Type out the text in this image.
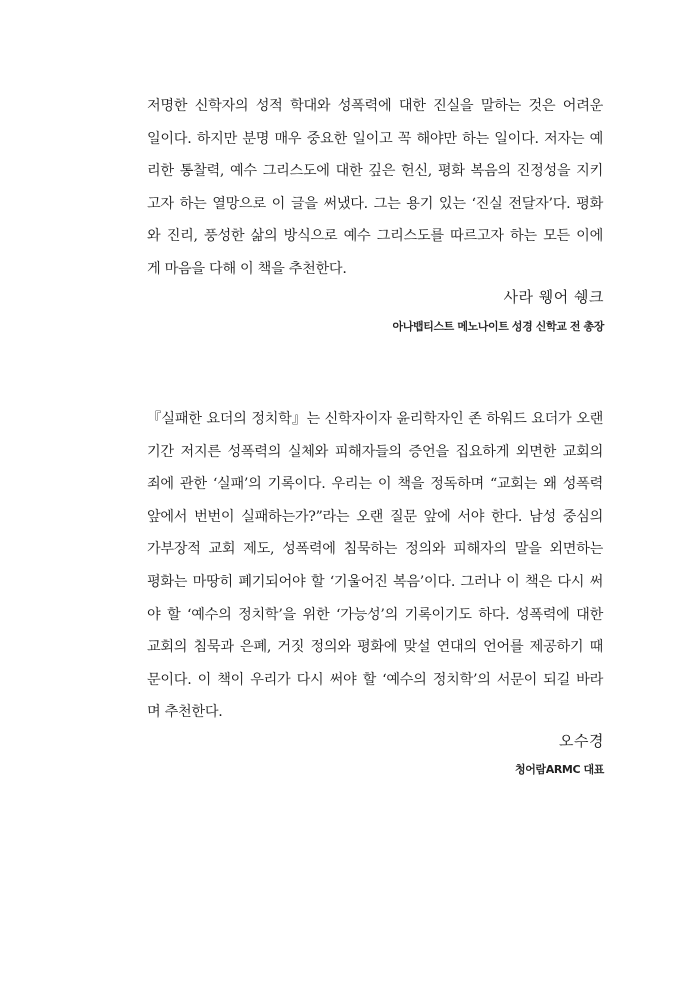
저명한 신학자의 성적 학대와 성폭력에 대한 진실을 말하는 것은 어려운
일이다. 하지만 분명 매우 중요한 일이고 꼭 해야만 하는 일이다. 저자는 예
리한 통찰력, 예수 그리스도에 대한 깊은 헌신, 평화 복음의 진정성을 지키
고자 하는 열망으로 이 글을 써냈다. 그는 용기 있는 ‘진실 전달자’다. 평화
와 진리, 풍성한 삶의 방식으로 예수 그리스도를 따르고자 하는 모든 이에
게 마음을 다해 이 책을 추천한다.

사라 웽어 쉥크
아나뱁티스트 메노나이트 성경 신학교 전 총장

『실패한 요더의 정치학』는 신학자이자 윤리학자인 존 하워드 요더가 오랜
기간 저지른 성폭력의 실체와 피해자들의 증언을 집요하게 외면한 교회의
죄에 관한 ‘실패’의 기록이다. 우리는 이 책을 정독하며 “교회는 왜 성폭력
앞에서 번번이 실패하는가?”라는 오랜 질문 앞에 서야 한다. 남성 중심의
가부장적 교회 제도, 성폭력에 침묵하는 정의와 피해자의 말을 외면하는
평화는 마땅히 폐기되어야 할 ‘기울어진 복음’이다. 그러나 이 책은 다시 써
야 할 ‘예수의 정치학’을 위한 ‘가능성’의 기록이기도 하다. 성폭력에 대한
교회의 침묵과 은폐, 거짓 정의와 평화에 맞설 연대의 언어를 제공하기 때
문이다. 이 책이 우리가 다시 써야 할 ‘예수의 정치학’의 서문이 되길 바라
며 추천한다.

오수경
청어람ARMC 대표
